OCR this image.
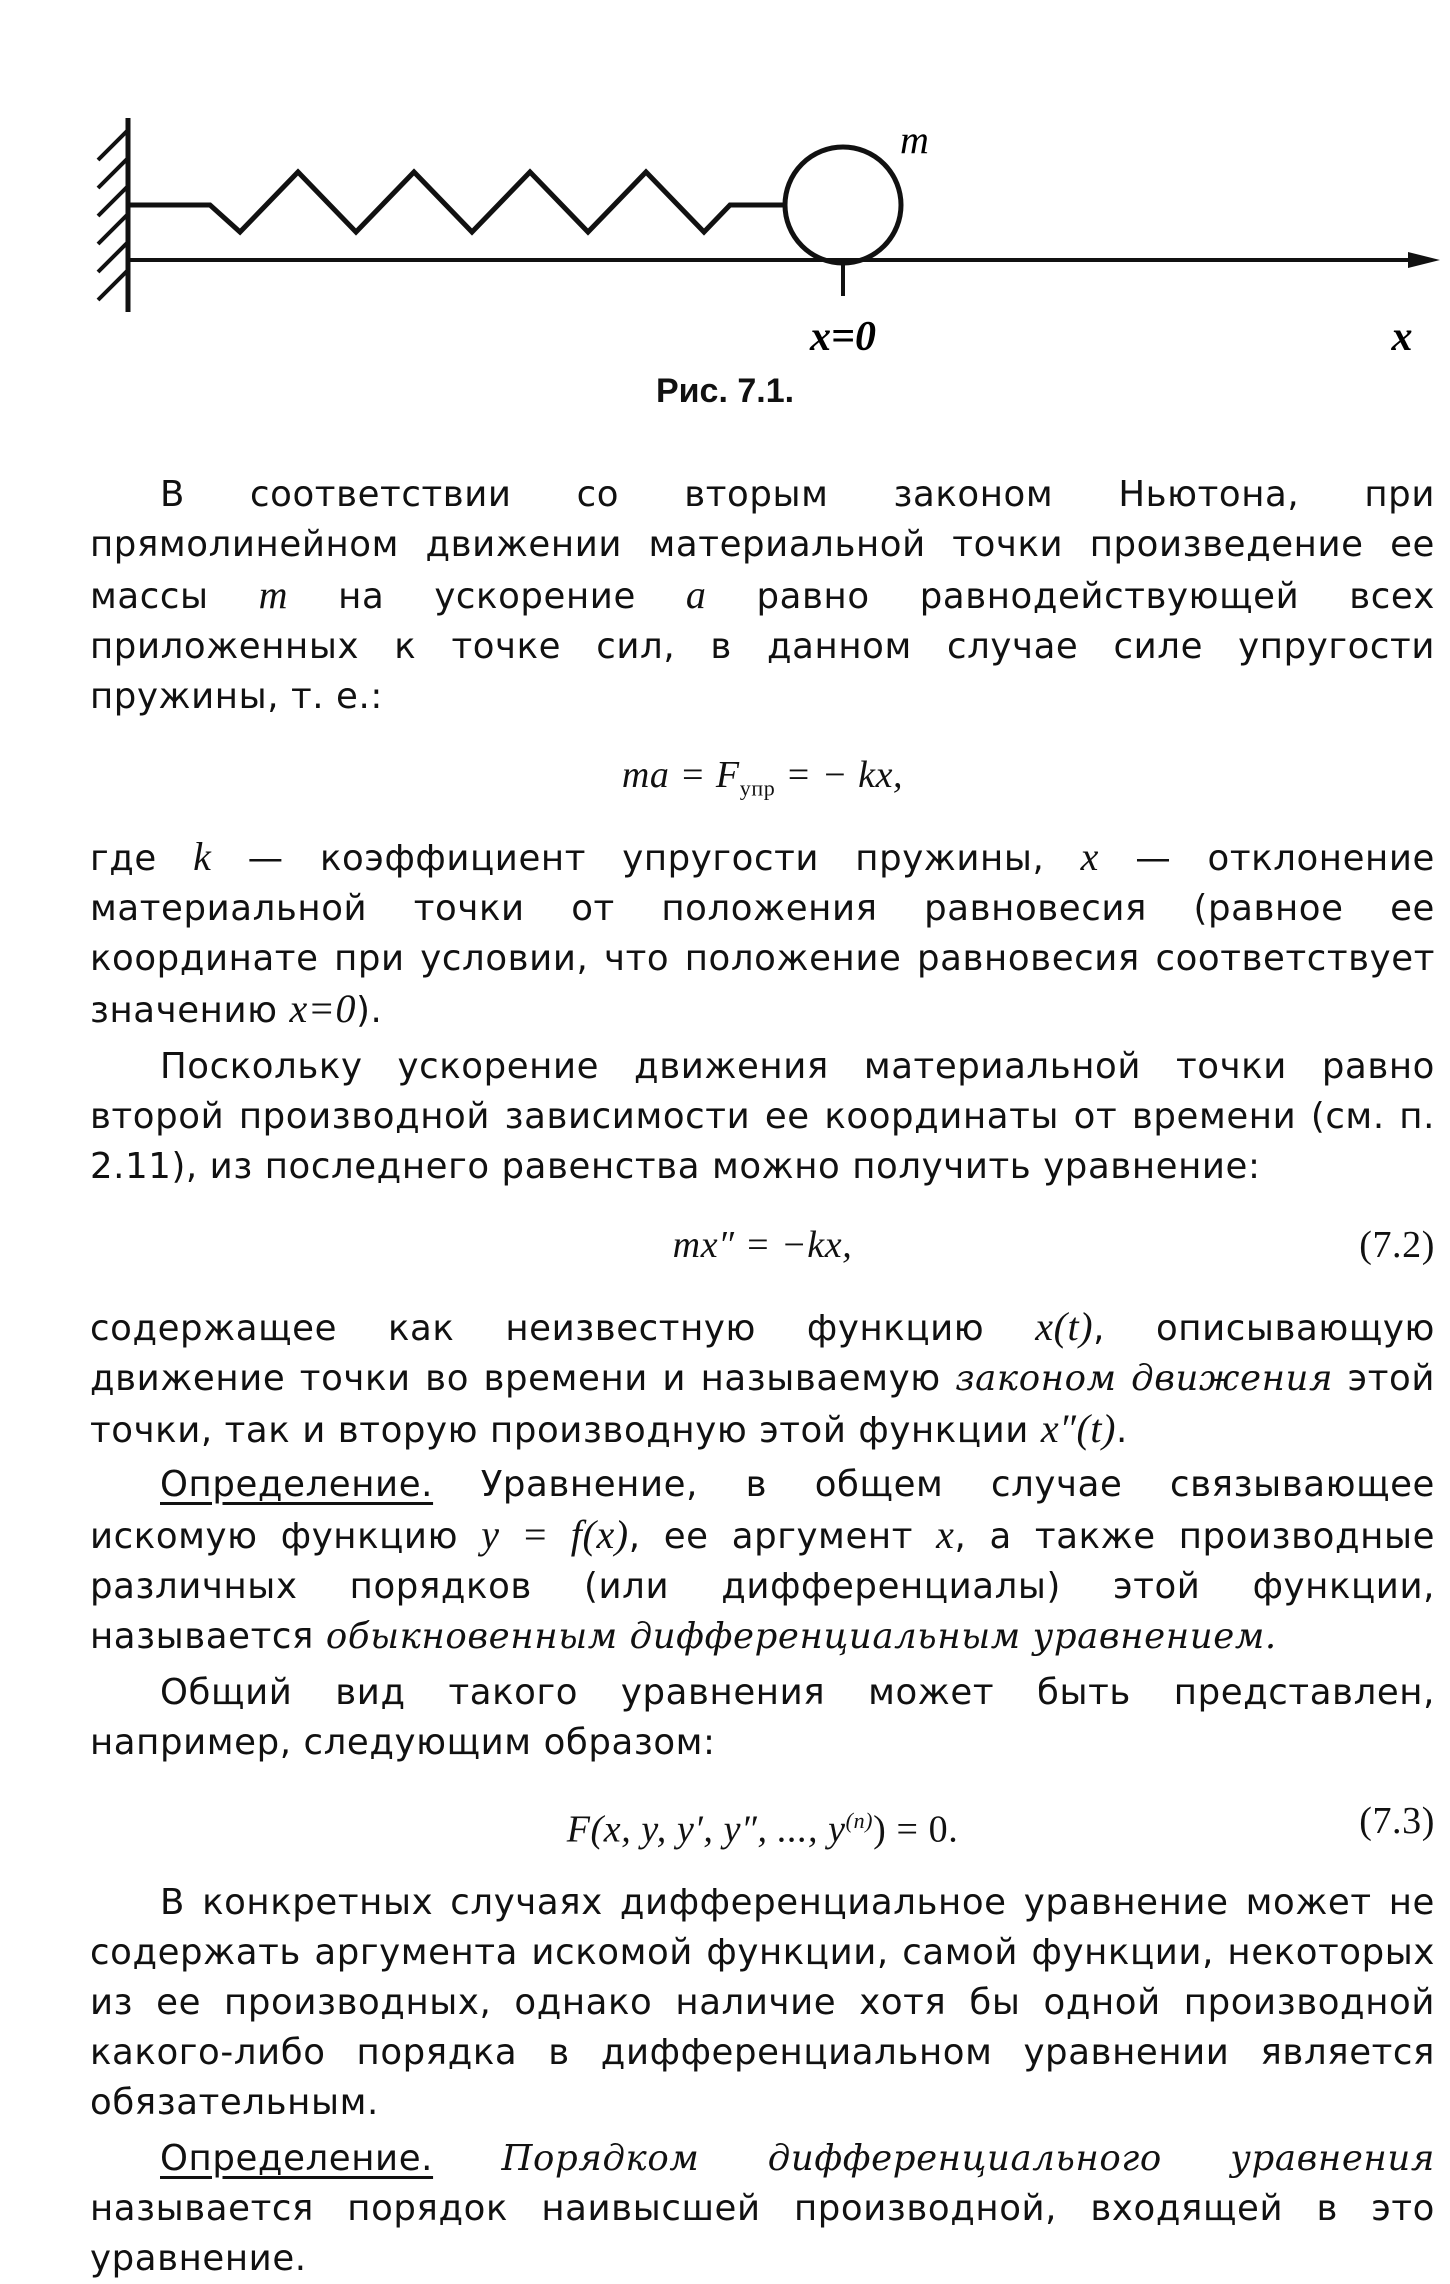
m
x=0	x
Рис. 7.1.

В соответствии со вторым законом Ньютона, при прямолинейном движении материальной точки произведение ее массы m на ускорение a равно равнодействующей всех приложенных к точке сил, в данном случае силе упругости пружины, т. е.:

ma = $F_{упр}$ = − kx,

где k — коэффициент упругости пружины, x — отклонение материальной точки от положения равновесия (равное ее координате при условии, что положение равновесия соответствует значению x=0).

Поскольку ускорение движения материальной точки равно второй производной зависимости ее координаты от времени (см. п. 2.11), из последнего равенства можно получить уравнение:

mx″ = −kx,	(7.2)

содержащее как неизвестную функцию x(t), описывающую движение точки во времени и называемую законом движения этой точки, так и вторую производную этой функции x″(t).

Определение. Уравнение, в общем случае связывающее искомую функцию y = f(x), ее аргумент x, а также производные различных порядков (или дифференциалы) этой функции, называется обыкновенным дифференциальным уравнением.

Общий вид такого уравнения может быть представлен, например, следующим образом:

F(x, y, y′, y″, ..., $y^{(n)}) = 0$.	(7.3)

В конкретных случаях дифференциальное уравнение может не содержать аргумента искомой функции, самой функции, некоторых из ее производных, однако наличие хотя бы одной производной какого-либо порядка в дифференциальном уравнении является обязательным.

Определение. Порядком дифференциального уравнения называется порядок наивысшей производной, входящей в это уравнение.
